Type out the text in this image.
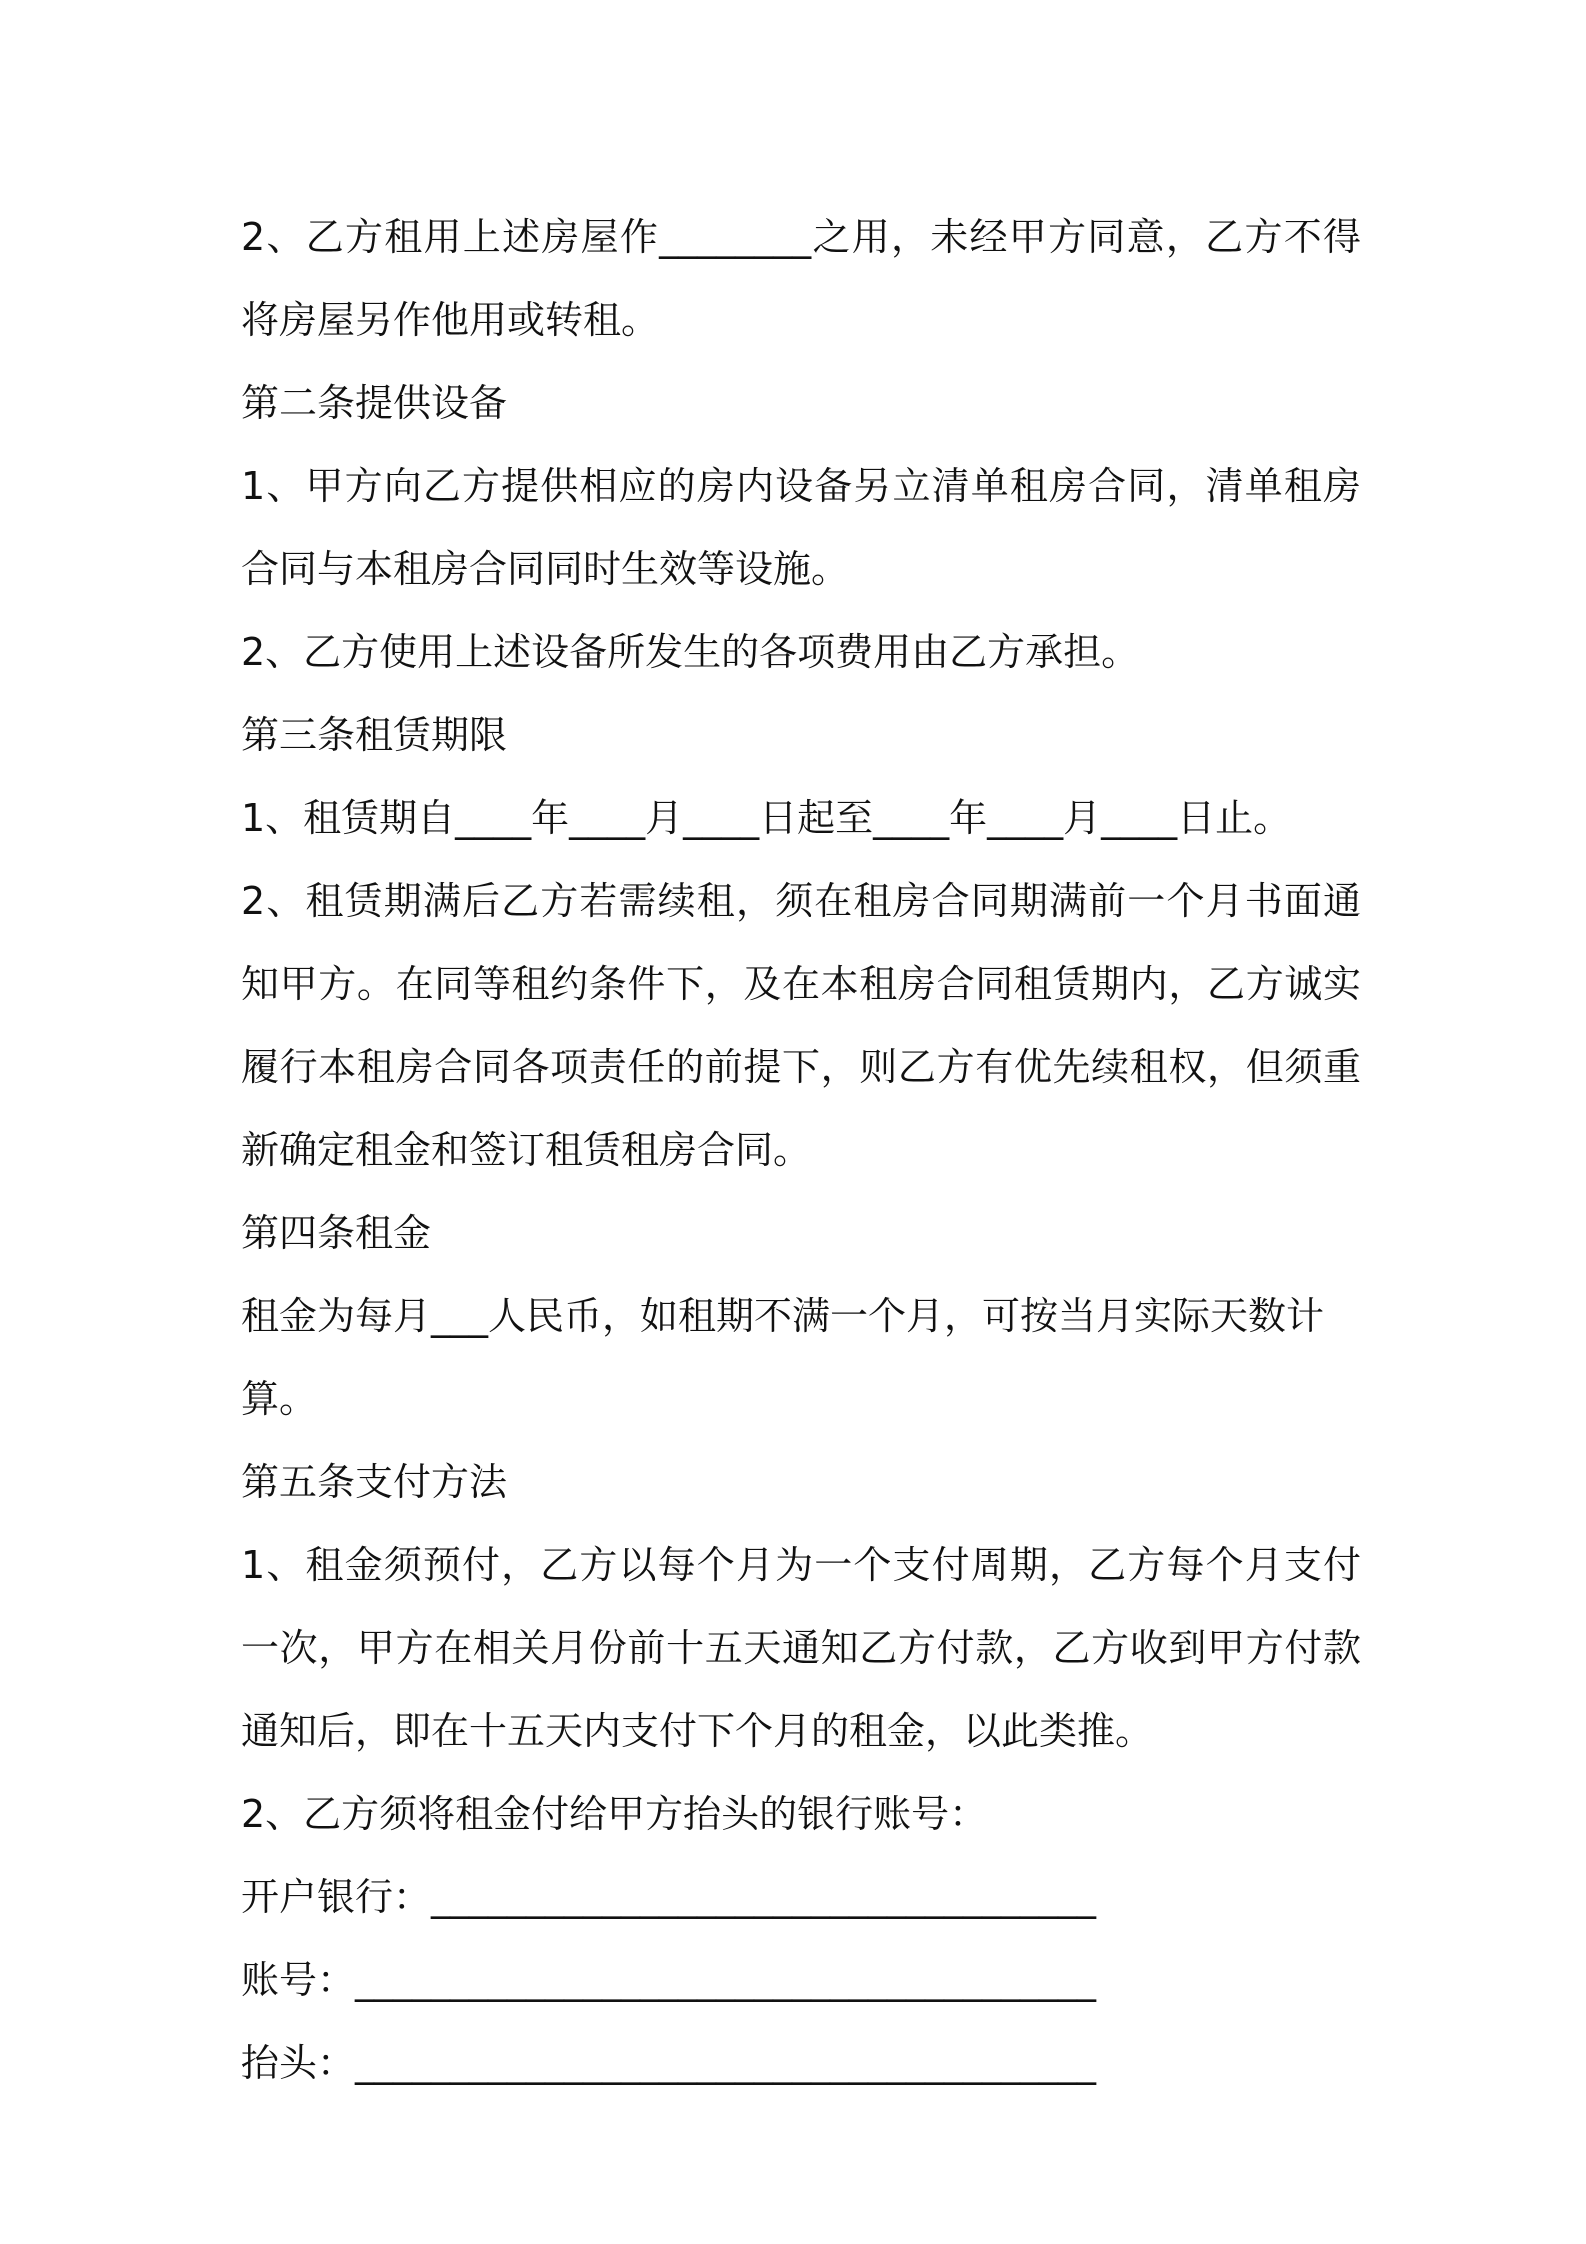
2、乙方租用上述房屋作________之用，未经甲方同意，乙方不得将房屋另作他用或转租。

第二条提供设备

1、甲方向乙方提供相应的房内设备另立清单租房合同，清单租房合同与本租房合同同时生效等设施。

2、乙方使用上述设备所发生的各项费用由乙方承担。

第三条租赁期限

1、租赁期自____年____月____日起至____年____月____日止。

2、租赁期满后乙方若需续租，须在租房合同期满前一个月书面通知甲方。在同等租约条件下，及在本租房合同租赁期内，乙方诚实履行本租房合同各项责任的前提下，则乙方有优先续租权，但须重新确定租金和签订租赁租房合同。

第四条租金

租金为每月___人民币，如租期不满一个月，可按当月实际天数计算。

第五条支付方法

1、租金须预付，乙方以每个月为一个支付周期，乙方每个月支付一次，甲方在相关月份前十五天通知乙方付款，乙方收到甲方付款通知后，即在十五天内支付下个月的租金，以此类推。

2、乙方须将租金付给甲方抬头的银行账号：

开户银行：___________________________________

账号：_______________________________________

抬头：_______________________________________
